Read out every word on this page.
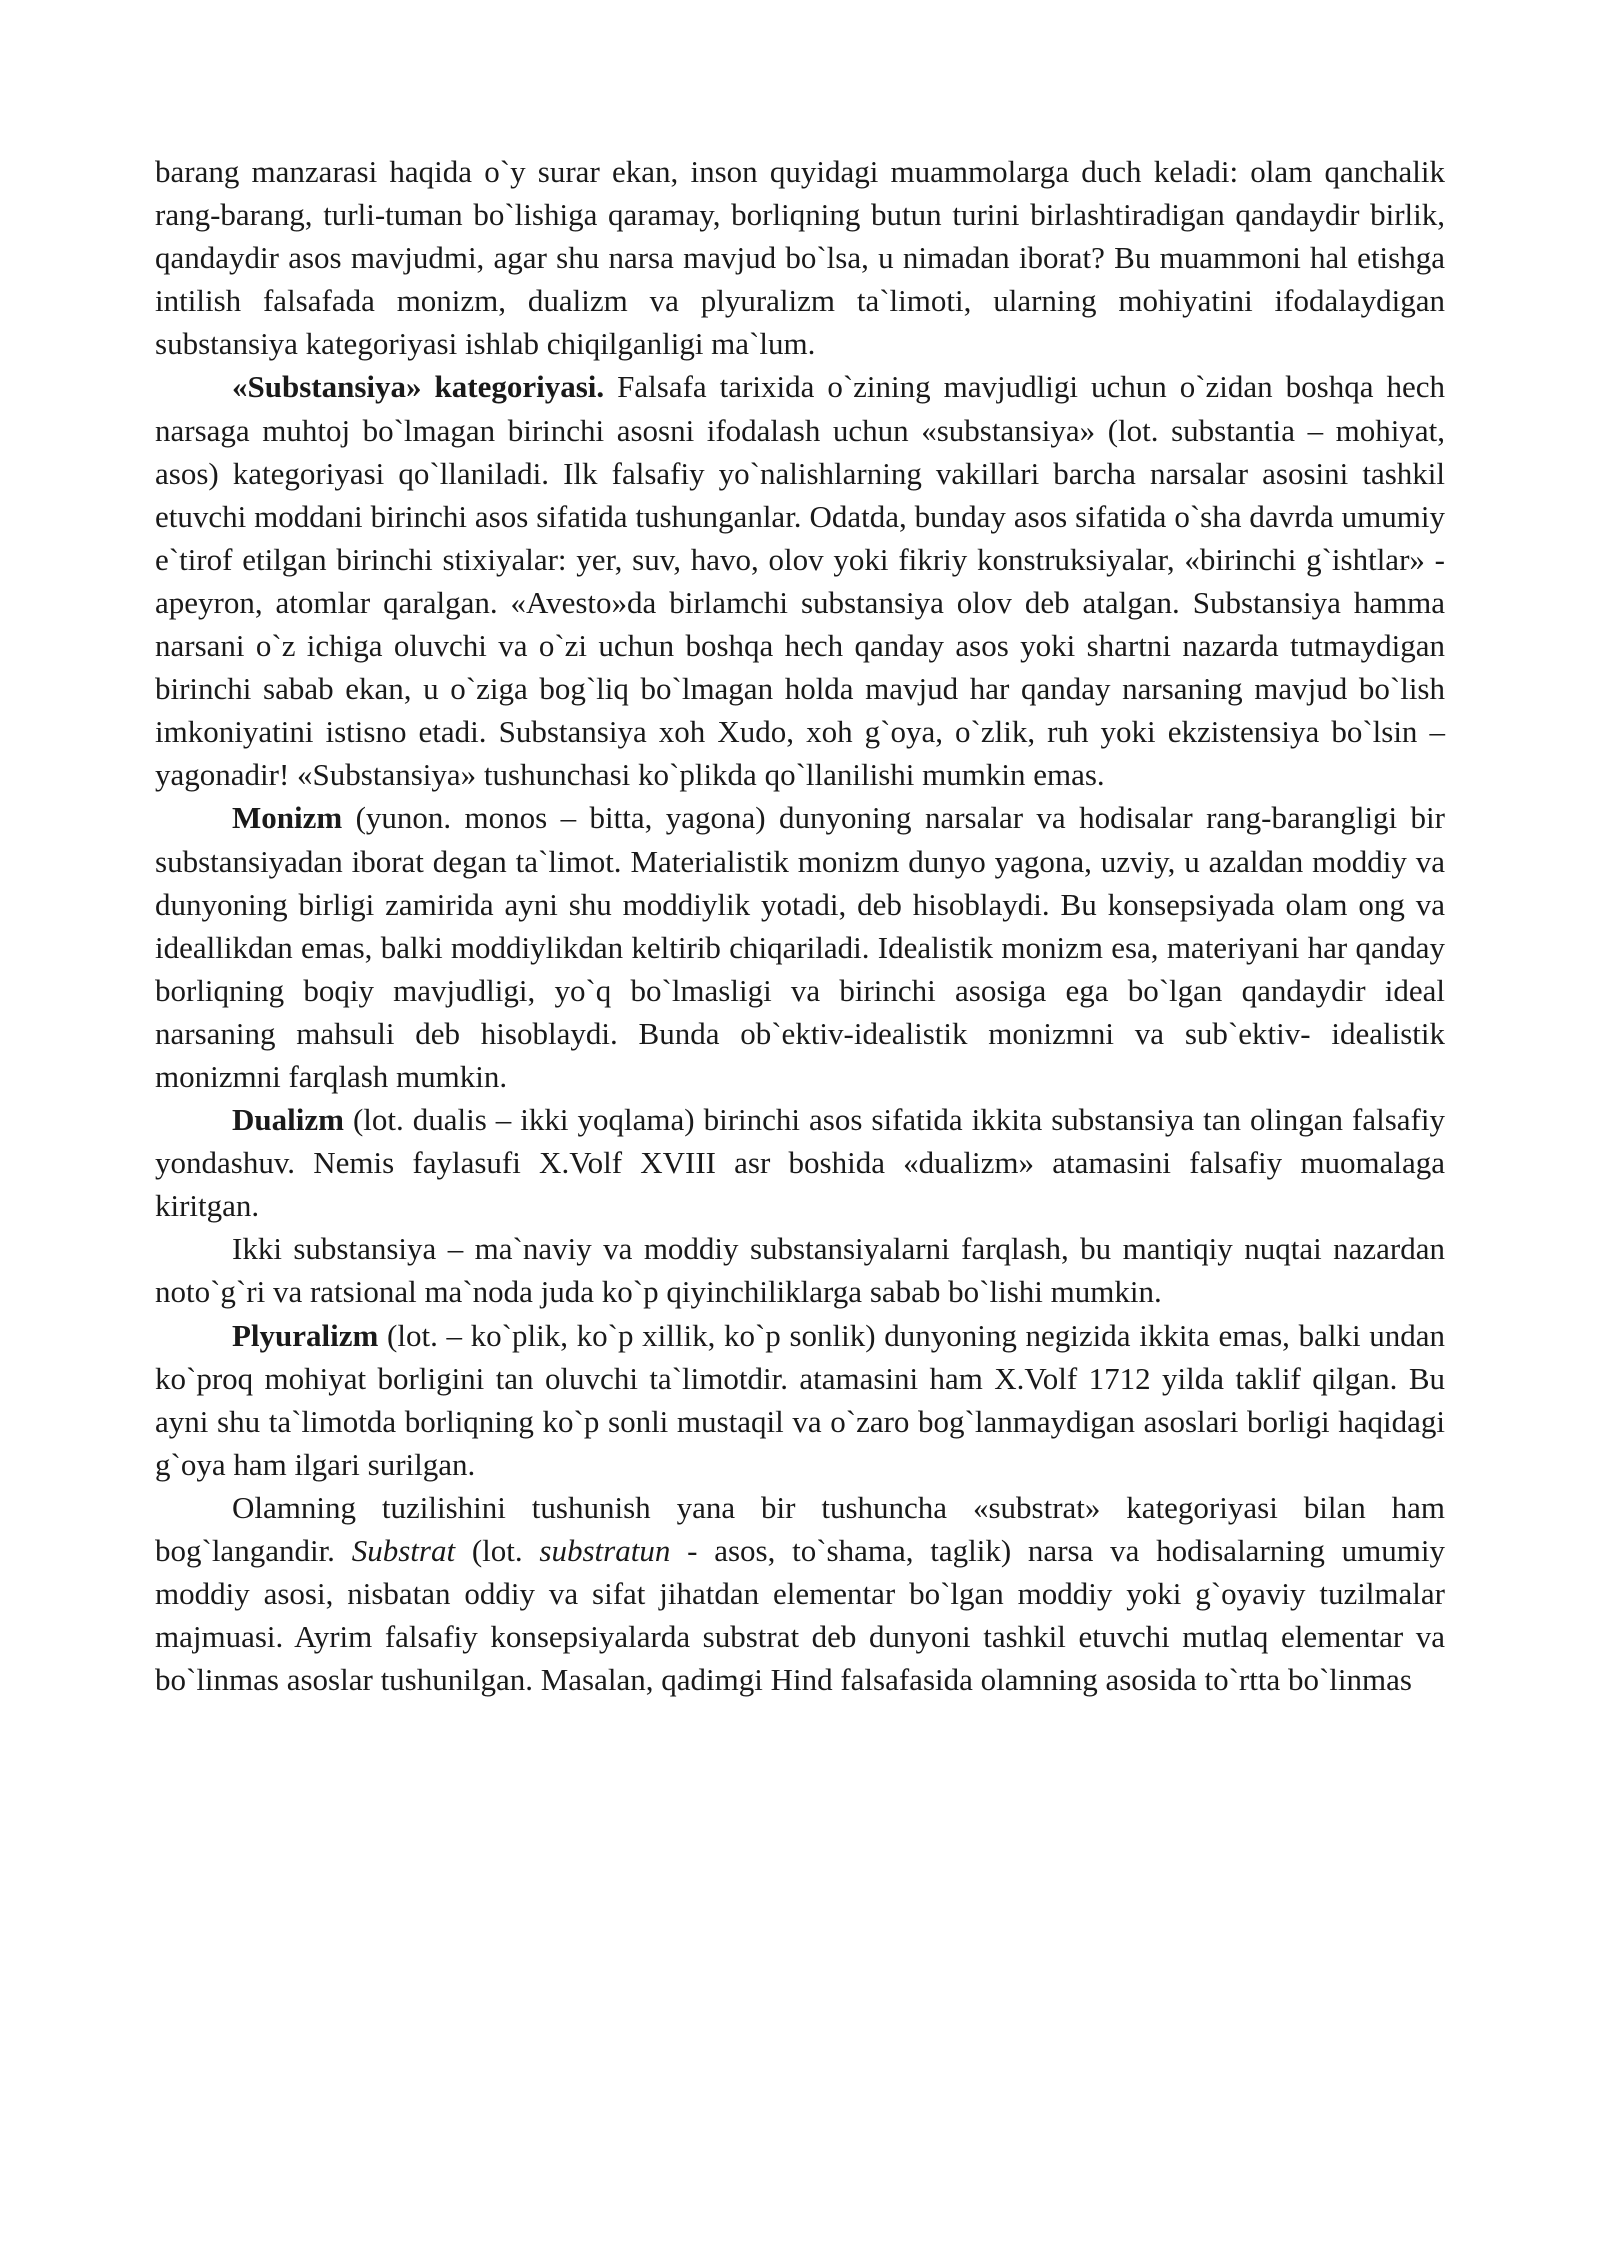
barang manzarasi haqida o`y surar ekan, inson quyidagi muammolarga duch keladi: olam qanchalik rang-barang, turli-tuman bo`lishiga qaramay, borliqning butun turini birlashtiradigan qandaydir birlik, qandaydir asos mavjudmi, agar shu narsa mavjud bo`lsa, u nimadan iborat? Bu muammoni hal etishga intilish falsafada monizm, dualizm va plyuralizm ta`limoti, ularning mohiyatini ifodalaydigan substansiya kategoriyasi ishlab chiqilganligi ma`lum.

«Substansiya» kategoriyasi. Falsafa tarixida o`zining mavjudligi uchun o`zidan boshqa hech narsaga muhtoj bo`lmagan birinchi asosni ifodalash uchun «substansiya» (lot. substantia – mohiyat, asos) kategoriyasi qo`llaniladi. Ilk falsafiy yo`nalishlarning vakillari barcha narsalar asosini tashkil etuvchi moddani birinchi asos sifatida tushunganlar. Odatda, bunday asos sifatida o`sha davrda umumiy e`tirof etilgan birinchi stixiyalar: yer, suv, havo, olov yoki fikriy konstruksiyalar, «birinchi g`ishtlar» - apeyron, atomlar qaralgan. «Avesto»da birlamchi substansiya olov deb atalgan. Substansiya hamma narsani o`z ichiga oluvchi va o`zi uchun boshqa hech qanday asos yoki shartni nazarda tutmaydigan birinchi sabab ekan, u o`ziga bog`liq bo`lmagan holda mavjud har qanday narsaning mavjud bo`lish imkoniyatini istisno etadi. Substansiya xoh Xudo, xoh g`oya, o`zlik, ruh yoki ekzistensiya bo`lsin – yagonadir! «Substansiya» tushunchasi ko`plikda qo`llanilishi mumkin emas.

Monizm (yunon. monos – bitta, yagona) dunyoning narsalar va hodisalar rang-barangligi bir substansiyadan iborat degan ta`limot. Materialistik monizm dunyo yagona, uzviy, u azaldan moddiy va dunyoning birligi zamirida ayni shu moddiylik yotadi, deb hisoblaydi. Bu konsepsiyada olam ong va ideallikdan emas, balki moddiylikdan keltirib chiqariladi. Idealistik monizm esa, materiyani har qanday borliqning boqiy mavjudligi, yo`q bo`lmasligi va birinchi asosiga ega bo`lgan qandaydir ideal narsaning mahsuli deb hisoblaydi. Bunda ob`ektiv-idealistik monizmni va sub`ektiv- idealistik monizmni farqlash mumkin.

Dualizm (lot. dualis – ikki yoqlama) birinchi asos sifatida ikkita substansiya tan olingan falsafiy yondashuv. Nemis faylasufi X.Volf XVIII asr boshida «dualizm» atamasini falsafiy muomalaga kiritgan.

Ikki substansiya – ma`naviy va moddiy substansiyalarni farqlash, bu mantiqiy nuqtai nazardan noto`g`ri va ratsional ma`noda juda ko`p qiyinchiliklarga sabab bo`lishi mumkin.

Plyuralizm (lot. – ko`plik, ko`p xillik, ko`p sonlik) dunyoning negizida ikkita emas, balki undan ko`proq mohiyat borligini tan oluvchi ta`limotdir. atamasini ham X.Volf 1712 yilda taklif qilgan. Bu ayni shu ta`limotda borliqning ko`p sonli mustaqil va o`zaro bog`lanmaydigan asoslari borligi haqidagi g`oya ham ilgari surilgan.

Olamning tuzilishini tushunish yana bir tushuncha «substrat» kategoriyasi bilan ham bog`langandir. Substrat (lot. substratun - asos, to`shama, taglik) narsa va hodisalarning umumiy moddiy asosi, nisbatan oddiy va sifat jihatdan elementar bo`lgan moddiy yoki g`oyaviy tuzilmalar majmuasi. Ayrim falsafiy konsepsiyalarda substrat deb dunyoni tashkil etuvchi mutlaq elementar va bo`linmas asoslar tushunilgan. Masalan, qadimgi Hind falsafasida olamning asosida to`rtta bo`linmas
